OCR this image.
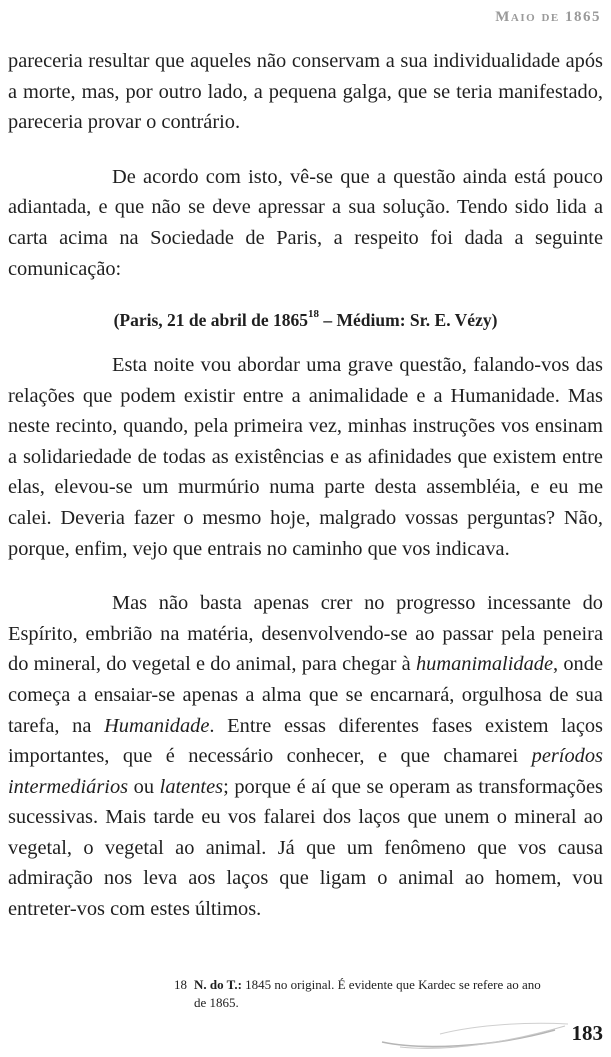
Maio de 1865

pareceria resultar que aqueles não conservam a sua individualidade após a morte, mas, por outro lado, a pequena galga, que se teria manifestado, pareceria provar o contrário.

De acordo com isto, vê-se que a questão ainda está pouco adiantada, e que não se deve apressar a sua solução. Tendo sido lida a carta acima na Sociedade de Paris, a respeito foi dada a seguinte comunicação:

(Paris, 21 de abril de 1865$^{18}$ – Médium: Sr. E. Vézy)

Esta noite vou abordar uma grave questão, falando-vos das relações que podem existir entre a animalidade e a Humanidade. Mas neste recinto, quando, pela primeira vez, minhas instruções vos ensinam a solidariedade de todas as existências e as afinidades que existem entre elas, elevou-se um murmúrio numa parte desta assembléia, e eu me calei. Deveria fazer o mesmo hoje, malgrado vossas perguntas? Não, porque, enfim, vejo que entrais no caminho que vos indicava.

Mas não basta apenas crer no progresso incessante do Espírito, embrião na matéria, desenvolvendo-se ao passar pela peneira do mineral, do vegetal e do animal, para chegar à humanimalidade, onde começa a ensaiar-se apenas a alma que se encarnará, orgulhosa de sua tarefa, na Humanidade. Entre essas diferentes fases existem laços importantes, que é necessário conhecer, e que chamarei períodos intermediários ou latentes; porque é aí que se operam as transformações sucessivas. Mais tarde eu vos falarei dos laços que unem o mineral ao vegetal, o vegetal ao animal. Já que um fenômeno que vos causa admiração nos leva aos laços que ligam o animal ao homem, vou entreter-vos com estes últimos.

18 N. do T.: 1845 no original. É evidente que Kardec se refere ao ano
de 1865.
183
